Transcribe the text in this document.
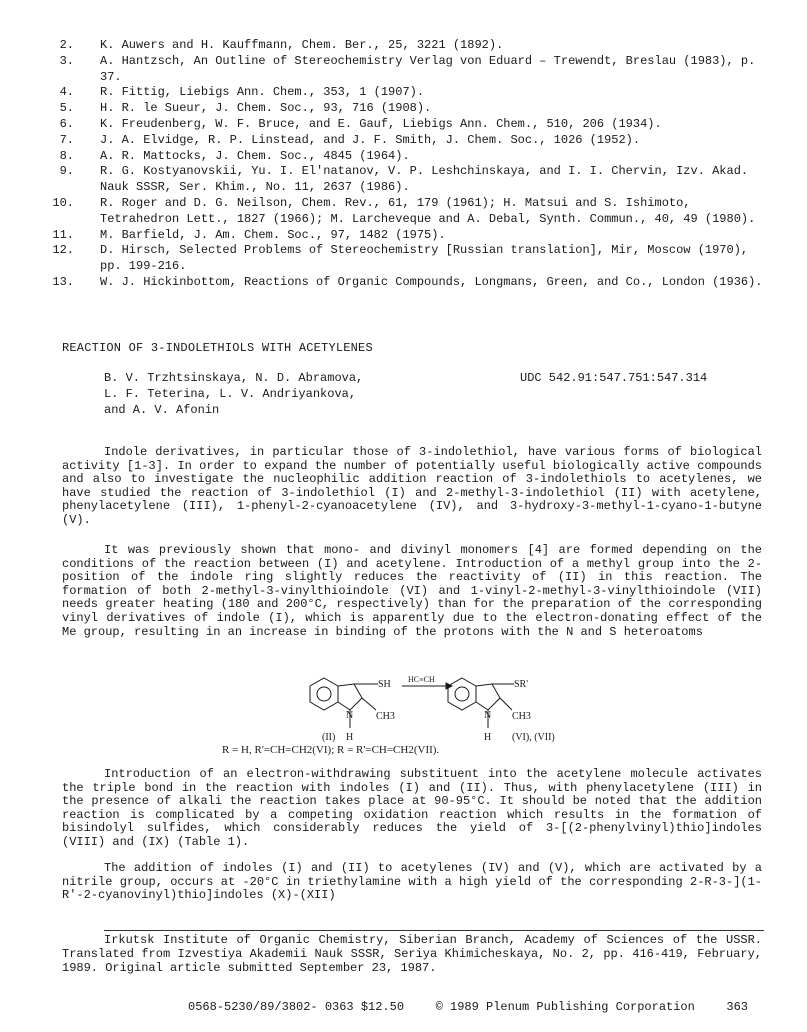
2.	K. Auwers and H. Kauffmann, Chem. Ber., 25, 3221 (1892).
3.	A. Hantzsch, An Outline of Stereochemistry Verlag von Eduard – Trewendt, Breslau (1983), p. 37.
4.	R. Fittig, Liebigs Ann. Chem., 353, 1 (1907).
5.	H. R. le Sueur, J. Chem. Soc., 93, 716 (1908).
6.	K. Freudenberg, W. F. Bruce, and E. Gauf, Liebigs Ann. Chem., 510, 206 (1934).
7.	J. A. Elvidge, R. P. Linstead, and J. F. Smith, J. Chem. Soc., 1026 (1952).
8.	A. R. Mattocks, J. Chem. Soc., 4845 (1964).
9.	R. G. Kostyanovskii, Yu. I. El'natanov, V. P. Leshchinskaya, and I. I. Chervin, Izv. Akad. Nauk SSSR, Ser. Khim., No. 11, 2637 (1986).
10.	R. Roger and D. G. Neilson, Chem. Rev., 61, 179 (1961); H. Matsui and S. Ishimoto, Tetrahedron Lett., 1827 (1966); M. Larcheveque and A. Debal, Synth. Commun., 40, 49 (1980).
11.	M. Barfield, J. Am. Chem. Soc., 97, 1482 (1975).
12.	D. Hirsch, Selected Problems of Stereochemistry [Russian translation], Mir, Moscow (1970), pp. 199-216.
13.	W. J. Hickinbottom, Reactions of Organic Compounds, Longmans, Green, and Co., London (1936).
REACTION OF 3-INDOLETHIOLS WITH ACETYLENES
B. V. Trzhtsinskaya, N. D. Abramova,
L. F. Teterina, L. V. Andriyankova,
and A. V. Afonin
UDC 542.91:547.751:547.314

Indole derivatives, in particular those of 3-indolethiol, have various forms of biological activity [1-3]. In order to expand the number of potentially useful biologically active compounds and also to investigate the nucleophilic addition reaction of 3-indolethiols to acetylenes, we have studied the reaction of 3-indolethiol (I) and 2-methyl-3-indolethiol (II) with acetylene, phenylacetylene (III), 1-phenyl-2-cyanoacetylene (IV), and 3-hydroxy-3-methyl-1-cyano-1-butyne (V).

It was previously shown that mono- and divinyl monomers [4] are formed depending on the conditions of the reaction between (I) and acetylene. Introduction of a methyl group into the 2-position of the indole ring slightly reduces the reactivity of (II) in this reaction. The formation of both 2-methyl-3-vinylthioindole (VI) and 1-vinyl-2-methyl-3-vinylthioindole (VII) needs greater heating (180 and 200°C, respectively) than for the preparation of the corresponding vinyl derivatives of indole (I), which is apparently due to the electron-donating effect of the Me group, resulting in an increase in binding of the protons with the N and S heteroatoms

SH
CH3
N
HC≡CH	SR'
CH3
N
(II) H	H (VI), (VII)
R = H, R'=CH=CH2(VI); R = R'=CH=CH2(VII).

Introduction of an electron-withdrawing substituent into the acetylene molecule activates the triple bond in the reaction with indoles (I) and (II). Thus, with phenylacetylene (III) in the presence of alkali the reaction takes place at 90-95°C. It should be noted that the addition reaction is complicated by a competing oxidation reaction which results in the formation of bisindolyl sulfides, which considerably reduces the yield of 3-[(2-phenylvinyl)thio]indoles (VIII) and (IX) (Table 1).

The addition of indoles (I) and (II) to acetylenes (IV) and (V), which are activated by a nitrile group, occurs at -20°C in triethylamine with a high yield of the corresponding 2-R-3-](1-R'-2-cyanovinyl)thio]indoles (X)-(XII)

Irkutsk Institute of Organic Chemistry, Siberian Branch, Academy of Sciences of the USSR. Translated from Izvestiya Akademii Nauk SSSR, Seriya Khimicheskaya, No. 2, pp. 416-419, February, 1989. Original article submitted September 23, 1987.

0568-5230/89/3802- 0363 $12.50	© 1989 Plenum Publishing Corporation	363
